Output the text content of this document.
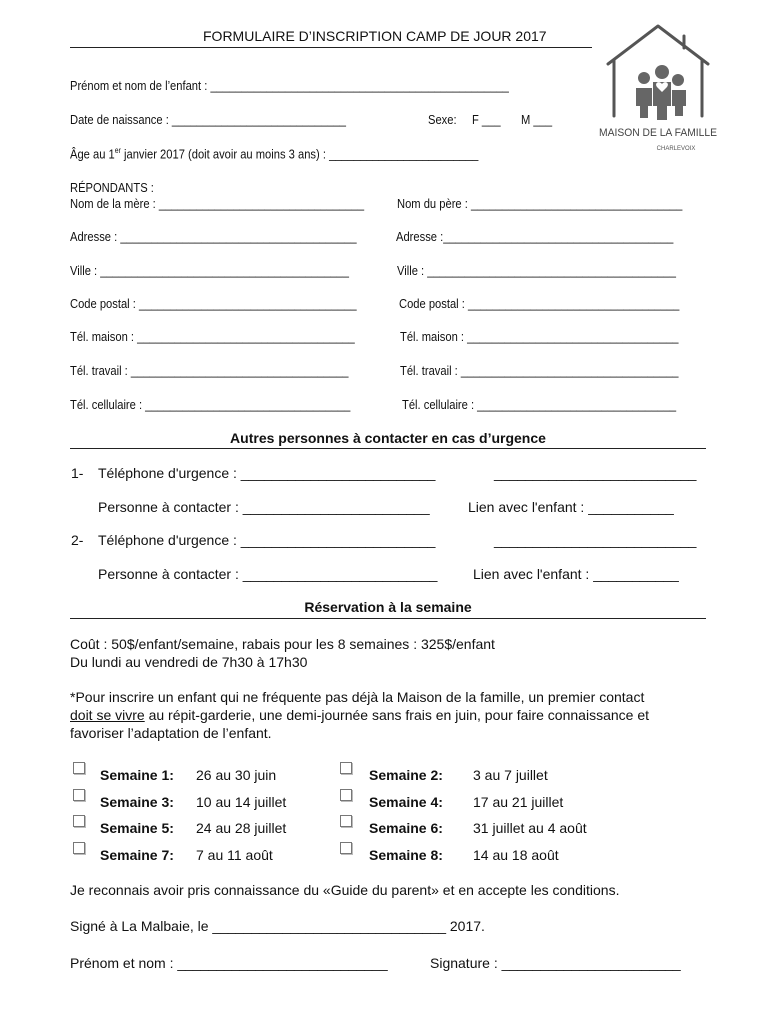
FORMULAIRE D’INSCRIPTION CAMP DE JOUR 2017
MAISON DE LA FAMILLE
CHARLEVOIX
Prénom et nom de l’enfant : ________________________________________________
Date de naissance : ____________________________	Sexe: F ___ M ___
Âge au 1er janvier 2017 (doit avoir au moins 3 ans) : ________________________
RÉPONDANTS :
Nom de la mère : _________________________________	Nom du père : __________________________________
Adresse : ______________________________________	Adresse :_____________________________________
Ville : ________________________________________	Ville : ________________________________________
Code postal : ___________________________________	Code postal : __________________________________
Tél. maison : ___________________________________	Tél. maison : __________________________________
Tél. travail : ___________________________________	Tél. travail : ___________________________________
Tél. cellulaire : _________________________________	Tél. cellulaire : ________________________________
Autres personnes à contacter en cas d’urgence
1- Téléphone d'urgence : _________________________	__________________________
Personne à contacter : ________________________	Lien avec l'enfant : ___________
2- Téléphone d'urgence : _________________________	__________________________
Personne à contacter : _________________________	Lien avec l'enfant : ___________
Réservation à la semaine
Coût : 50$/enfant/semaine, rabais pour les 8 semaines : 325$/enfant
Du lundi au vendredi de 7h30 à 17h30
*Pour inscrire un enfant qui ne fréquente pas déjà la Maison de la famille, un premier contact
doit se vivre au répit-garderie, une demi-journée sans frais en juin, pour faire connaissance et
favoriser l’adaptation de l’enfant.
Semaine 1: 26 au 30 juin	Semaine 2: 3 au 7 juillet
Semaine 3: 10 au 14 juillet	Semaine 4: 17 au 21 juillet
Semaine 5: 24 au 28 juillet	Semaine 6: 31 juillet au 4 août
Semaine 7: 7 au 11 août	Semaine 8: 14 au 18 août
Je reconnais avoir pris connaissance du «Guide du parent» et en accepte les conditions.
Signé à La Malbaie, le ______________________________ 2017.
Prénom et nom : ___________________________	Signature : _______________________
